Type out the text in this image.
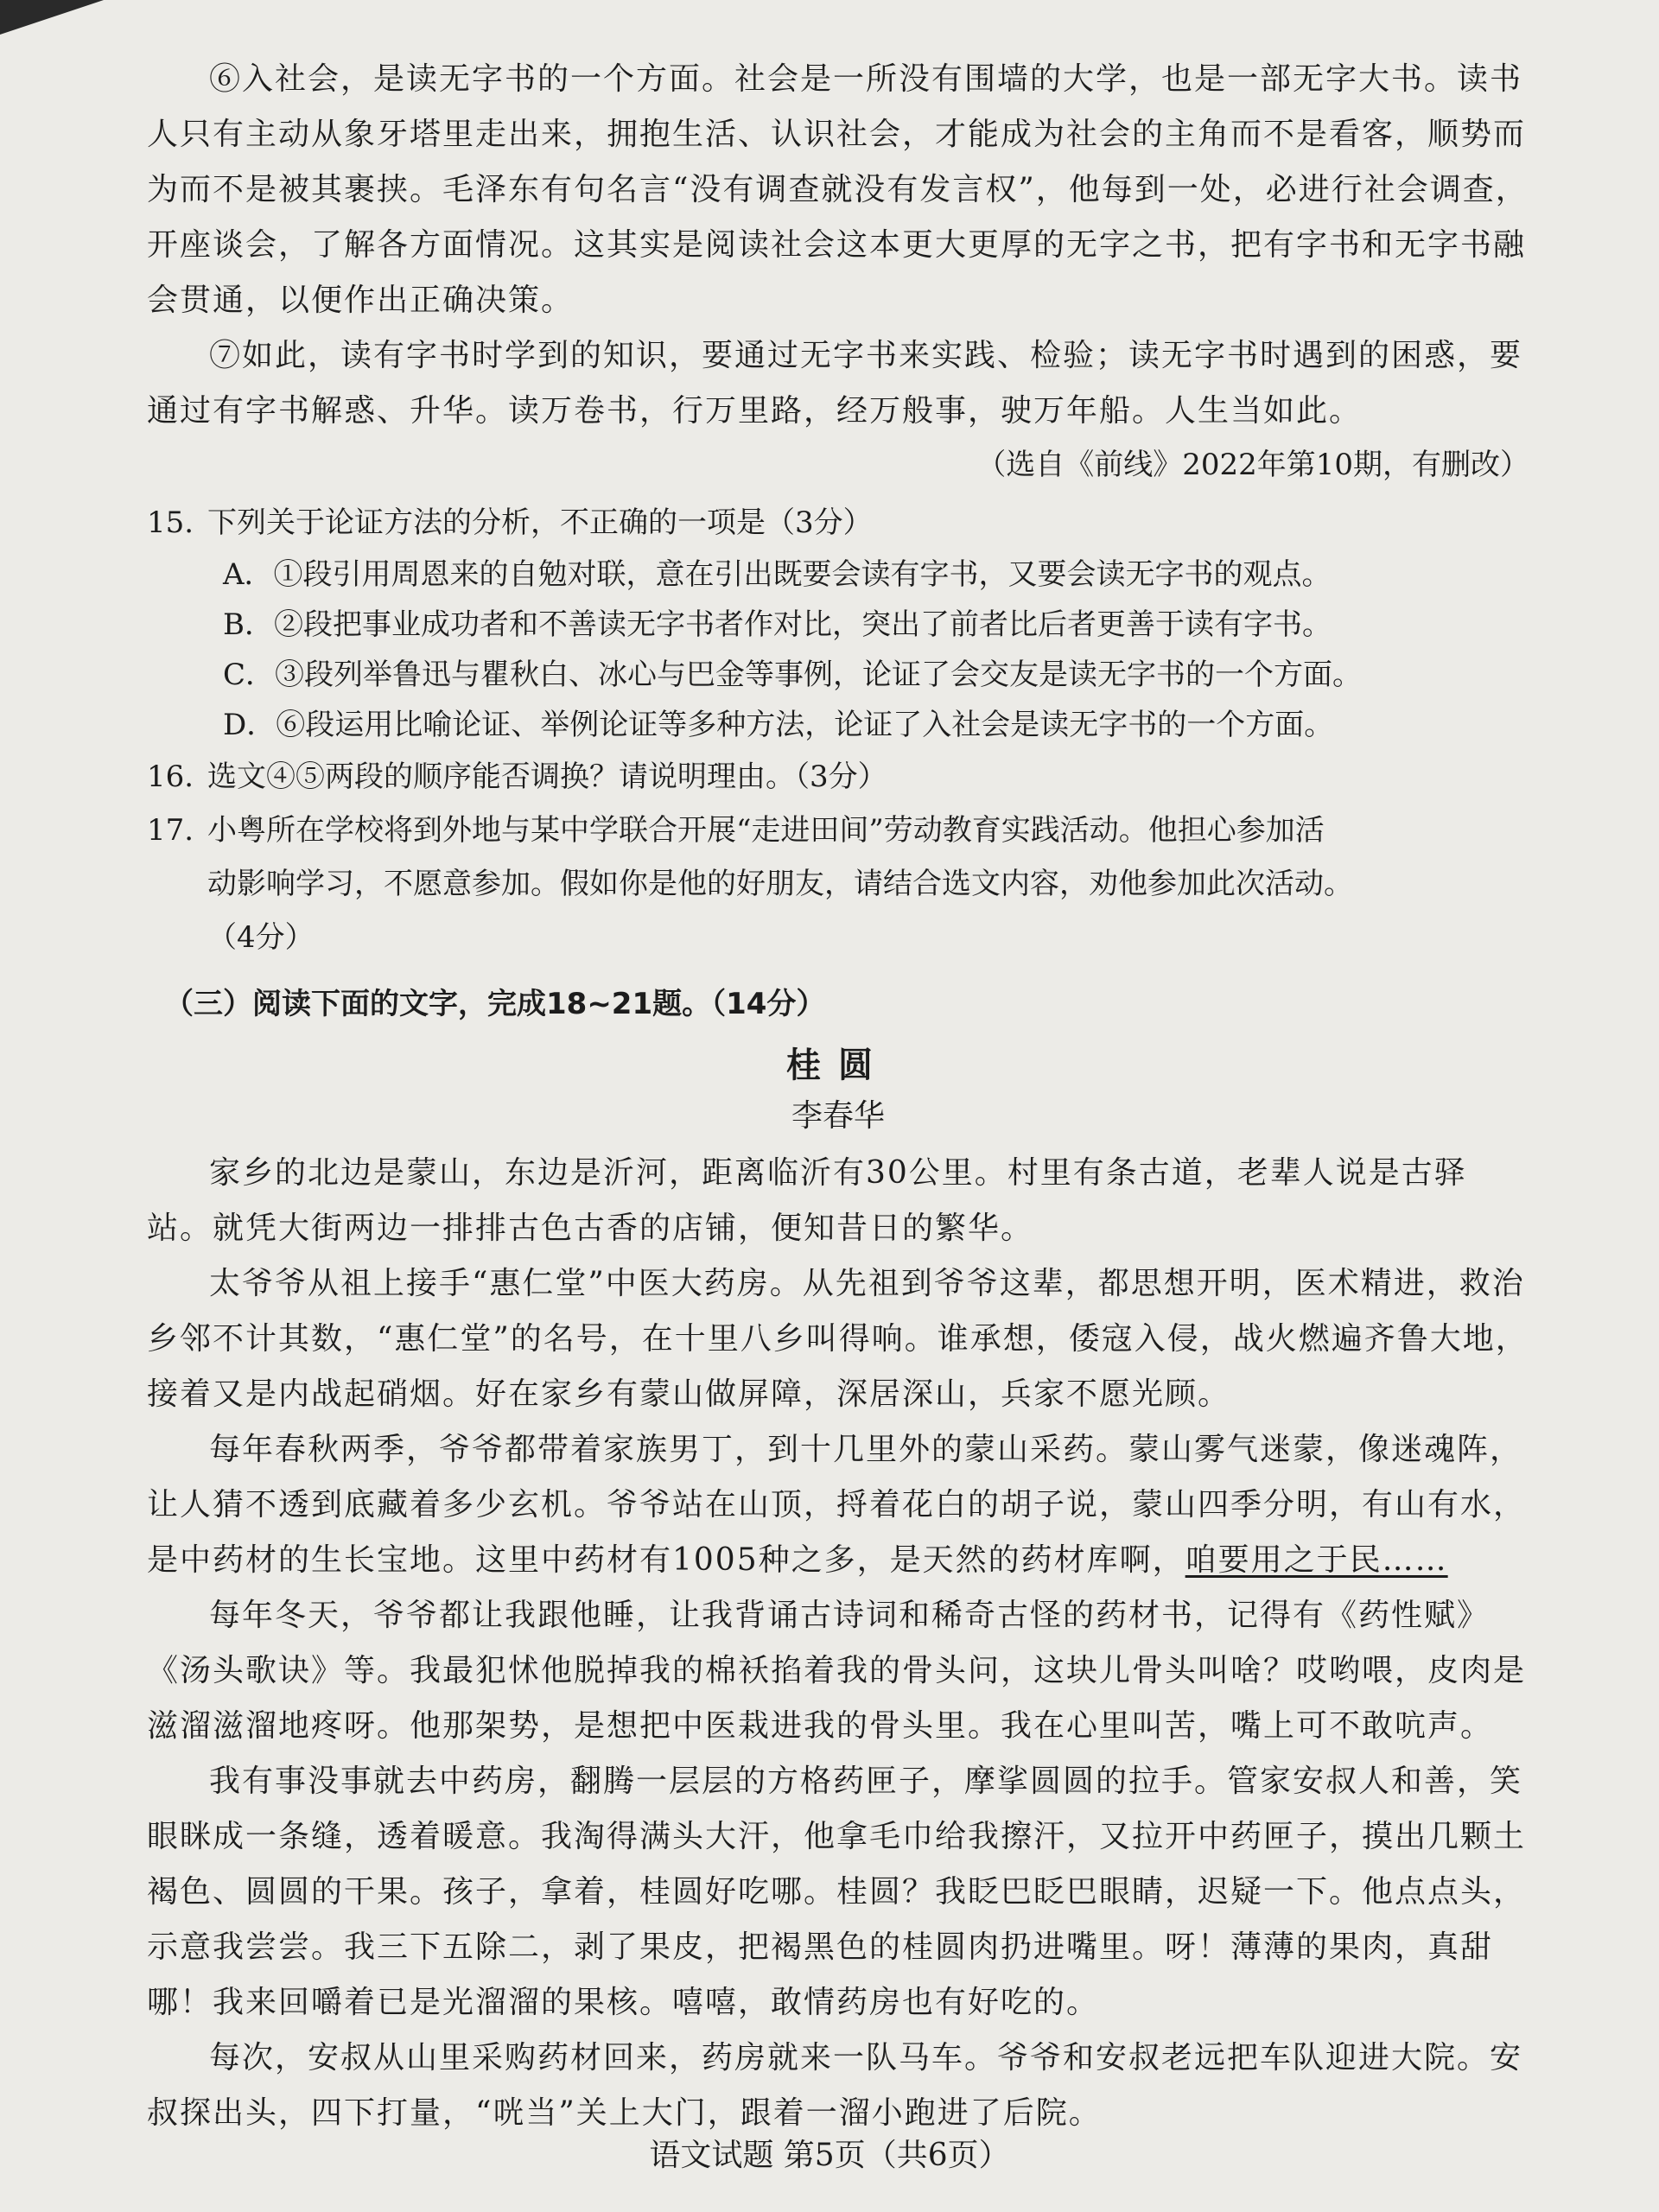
⑥入社会，是读无字书的一个方面。社会是一所没有围墙的大学，也是一部无字大书。读书人只有主动从象牙塔里走出来，拥抱生活、认识社会，才能成为社会的主角而不是看客，顺势而为而不是被其裹挟。毛泽东有句名言“没有调查就没有发言权”，他每到一处，必进行社会调查，开座谈会，了解各方面情况。这其实是阅读社会这本更大更厚的无字之书，把有字书和无字书融会贯通，以便作出正确决策。

⑦如此，读有字书时学到的知识，要通过无字书来实践、检验；读无字书时遇到的困惑，要通过有字书解惑、升华。读万卷书，行万里路，经万般事，驶万年船。人生当如此。

（选自《前线》2022年第10期，有删改）

15. 下列关于论证方法的分析，不正确的一项是（3分）

A．①段引用周恩来的自勉对联，意在引出既要会读有字书，又要会读无字书的观点。

B．②段把事业成功者和不善读无字书者作对比，突出了前者比后者更善于读有字书。

C．③段列举鲁迅与瞿秋白、冰心与巴金等事例，论证了会交友是读无字书的一个方面。

D．⑥段运用比喻论证、举例论证等多种方法，论证了入社会是读无字书的一个方面。

16. 选文④⑤两段的顺序能否调换？请说明理由。（3分）

17. 小粤所在学校将到外地与某中学联合开展“走进田间”劳动教育实践活动。他担心参加活

动影响学习，不愿意参加。假如你是他的好朋友，请结合选文内容，劝他参加此次活动。

（4分）

（三）阅读下面的文字，完成18~21题。（14分）

桂圆

李春华

家乡的北边是蒙山，东边是沂河，距离临沂有30公里。村里有条古道，老辈人说是古驿站。就凭大街两边一排排古色古香的店铺，便知昔日的繁华。

太爷爷从祖上接手“惠仁堂”中医大药房。从先祖到爷爷这辈，都思想开明，医术精进，救治乡邻不计其数，“惠仁堂”的名号，在十里八乡叫得响。谁承想，倭寇入侵，战火燃遍齐鲁大地，接着又是内战起硝烟。好在家乡有蒙山做屏障，深居深山，兵家不愿光顾。

每年春秋两季，爷爷都带着家族男丁，到十几里外的蒙山采药。蒙山雾气迷蒙，像迷魂阵，让人猜不透到底藏着多少玄机。爷爷站在山顶，捋着花白的胡子说，蒙山四季分明，有山有水，是中药材的生长宝地。这里中药材有1005种之多，是天然的药材库啊，咱要用之于民……

每年冬天，爷爷都让我跟他睡，让我背诵古诗词和稀奇古怪的药材书，记得有《药性赋》《汤头歌诀》等。我最犯怵他脱掉我的棉袄掐着我的骨头问，这块儿骨头叫啥？哎哟喂，皮肉是滋溜滋溜地疼呀。他那架势，是想把中医栽进我的骨头里。我在心里叫苦，嘴上可不敢吭声。

我有事没事就去中药房，翻腾一层层的方格药匣子，摩挲圆圆的拉手。管家安叔人和善，笑眼眯成一条缝，透着暖意。我淘得满头大汗，他拿毛巾给我擦汗，又拉开中药匣子，摸出几颗土褐色、圆圆的干果。孩子，拿着，桂圆好吃哪。桂圆？我眨巴眨巴眼睛，迟疑一下。他点点头，示意我尝尝。我三下五除二，剥了果皮，把褐黑色的桂圆肉扔进嘴里。呀！薄薄的果肉，真甜哪！我来回嚼着已是光溜溜的果核。嘻嘻，敢情药房也有好吃的。

每次，安叔从山里采购药材回来，药房就来一队马车。爷爷和安叔老远把车队迎进大院。安叔探出头，四下打量，“咣当”关上大门，跟着一溜小跑进了后院。

语文试题 第5页（共6页）
